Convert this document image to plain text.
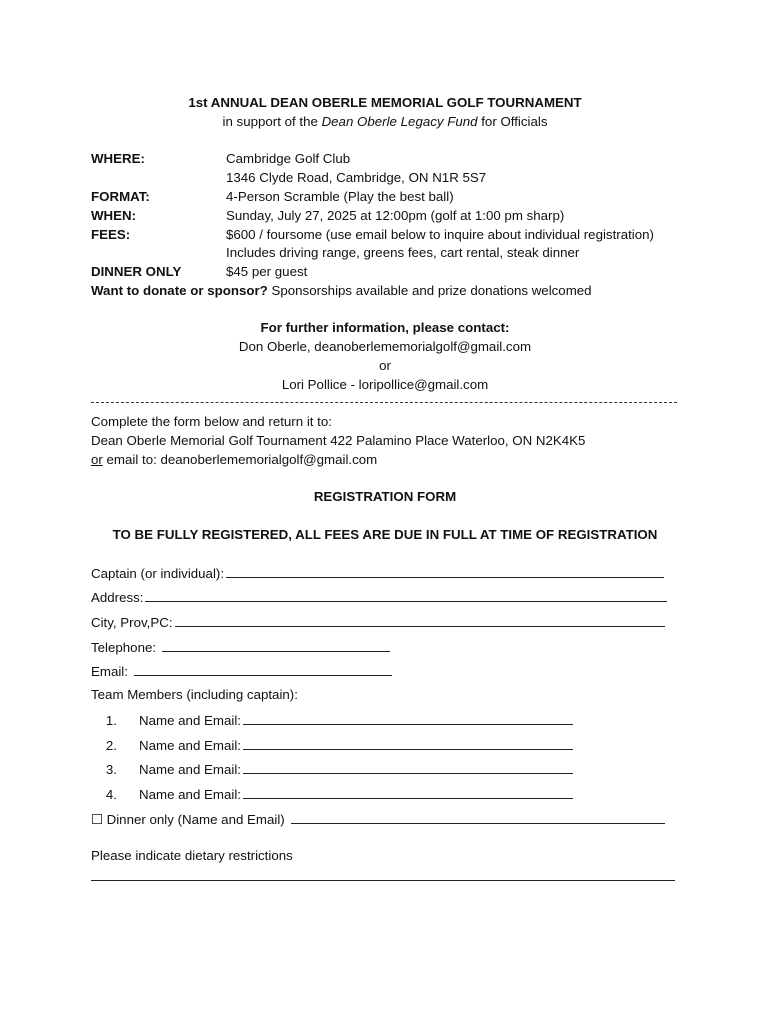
1st ANNUAL DEAN OBERLE MEMORIAL GOLF TOURNAMENT
in support of the Dean Oberle Legacy Fund for Officials
WHERE:	Cambridge Golf Club
1346 Clyde Road, Cambridge, ON N1R 5S7
FORMAT:	4-Person Scramble (Play the best ball)
WHEN:	Sunday, July 27, 2025 at 12:00pm (golf at 1:00 pm sharp)
FEES:	$600 / foursome (use email below to inquire about individual registration)
Includes driving range, greens fees, cart rental, steak dinner
DINNER ONLY	$45 per guest
Want to donate or sponsor? Sponsorships available and prize donations welcomed
For further information, please contact:
Don Oberle, deanoberlememorialgolf@gmail.com
or
Lori Pollice - loripollice@gmail.com
Complete the form below and return it to:
Dean Oberle Memorial Golf Tournament 422 Palamino Place Waterloo, ON N2K4K5
or email to: deanoberlememorialgolf@gmail.com
REGISTRATION FORM
TO BE FULLY REGISTERED, ALL FEES ARE DUE IN FULL AT TIME OF REGISTRATION
Captain (or individual):
Address:
City, Prov,PC:
Telephone:
Email:
Team Members (including captain):
1. Name and Email:
2. Name and Email:
3. Name and Email:
4. Name and Email:
☐ Dinner only (Name and Email)
Please indicate dietary restrictions
